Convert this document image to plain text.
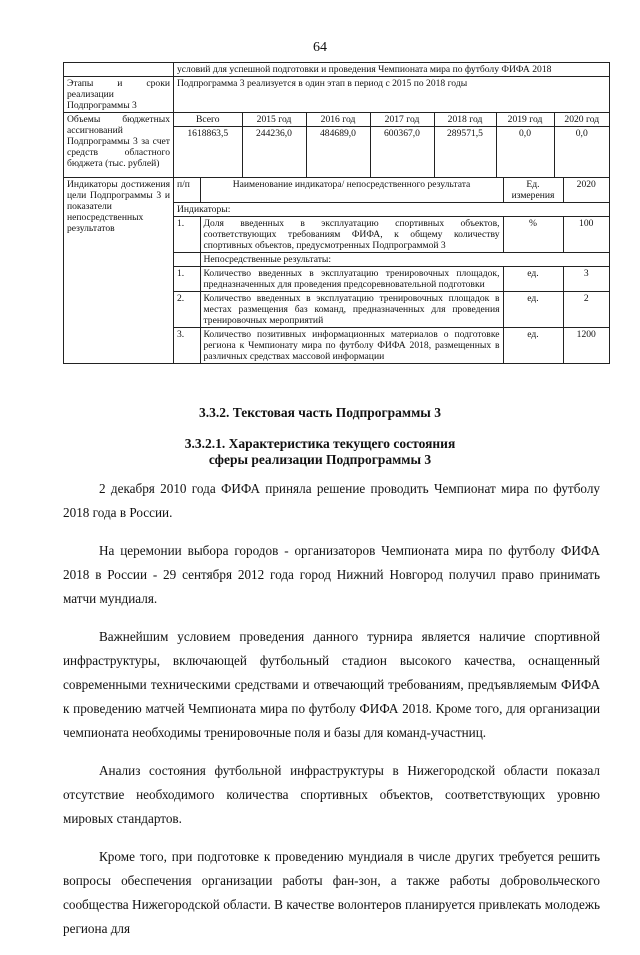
64
	условий для успешной подготовки и проведения Чемпионата мира по футболу ФИФА 2018
Этапы и сроки реализации Подпрограммы 3	Подпрограмма 3 реализуется в один этап в период с 2015 по 2018 годы
Объемы бюджетных ассигнований Подпрограммы 3 за счет средств областного бюджета (тыс. рублей)	
Всего	2015 год	2016 год	2017 год	2018 год	2019 год	2020 год
1618863,5	244236,0	484689,0	600367,0	289571,5	0,0	0,0

Индикаторы достижения цели Подпрограммы 3 и показатели непосредственных результатов	
п/п	Наименование индикатора/ непосредственного результата	Ед. измерения	2020
Индикаторы:
1.	Доля введенных в эксплуатацию спортивных объектов, соответствующих требованиям ФИФА, к общему количеству спортивных объектов, предусмотренных Подпрограммой 3	%	100
	Непосредственные результаты:
1.	Количество введенных в эксплуатацию тренировочных площадок, предназначенных для проведения предсоревновательной подготовки	ед.	3
2.	Количество введенных в эксплуатацию тренировочных площадок в местах размещения баз команд, предназначенных для проведения тренировочных мероприятий	ед.	2
3.	Количество позитивных информационных материалов о подготовке региона к Чемпионату мира по футболу ФИФА 2018, размещенных в различных средствах массовой информации	ед.	1200
3.3.2. Текстовая часть Подпрограммы 3
3.3.2.1. Характеристика текущего состояния
сферы реализации Подпрограммы 3

2 декабря 2010 года ФИФА приняла решение проводить Чемпионат мира по футболу 2018 года в России.

На церемонии выбора городов - организаторов Чемпионата мира по футболу ФИФА 2018 в России - 29 сентября 2012 года город Нижний Новгород получил право принимать матчи мундиаля.

Важнейшим условием проведения данного турнира является наличие спортивной инфраструктуры, включающей футбольный стадион высокого качества, оснащенный современными техническими средствами и отвечающий требованиям, предъявляемым ФИФА к проведению матчей Чемпионата мира по футболу ФИФА 2018. Кроме того, для организации чемпионата необходимы тренировочные поля и базы для команд-участниц.

Анализ состояния футбольной инфраструктуры в Нижегородской области показал отсутствие необходимого количества спортивных объектов, соответствующих уровню мировых стандартов.

Кроме того, при подготовке к проведению мундиаля в числе других требуется решить вопросы обеспечения организации работы фан-зон, а также работы добровольческого сообщества Нижегородской области. В качестве волонтеров планируется привлекать молодежь региона для
